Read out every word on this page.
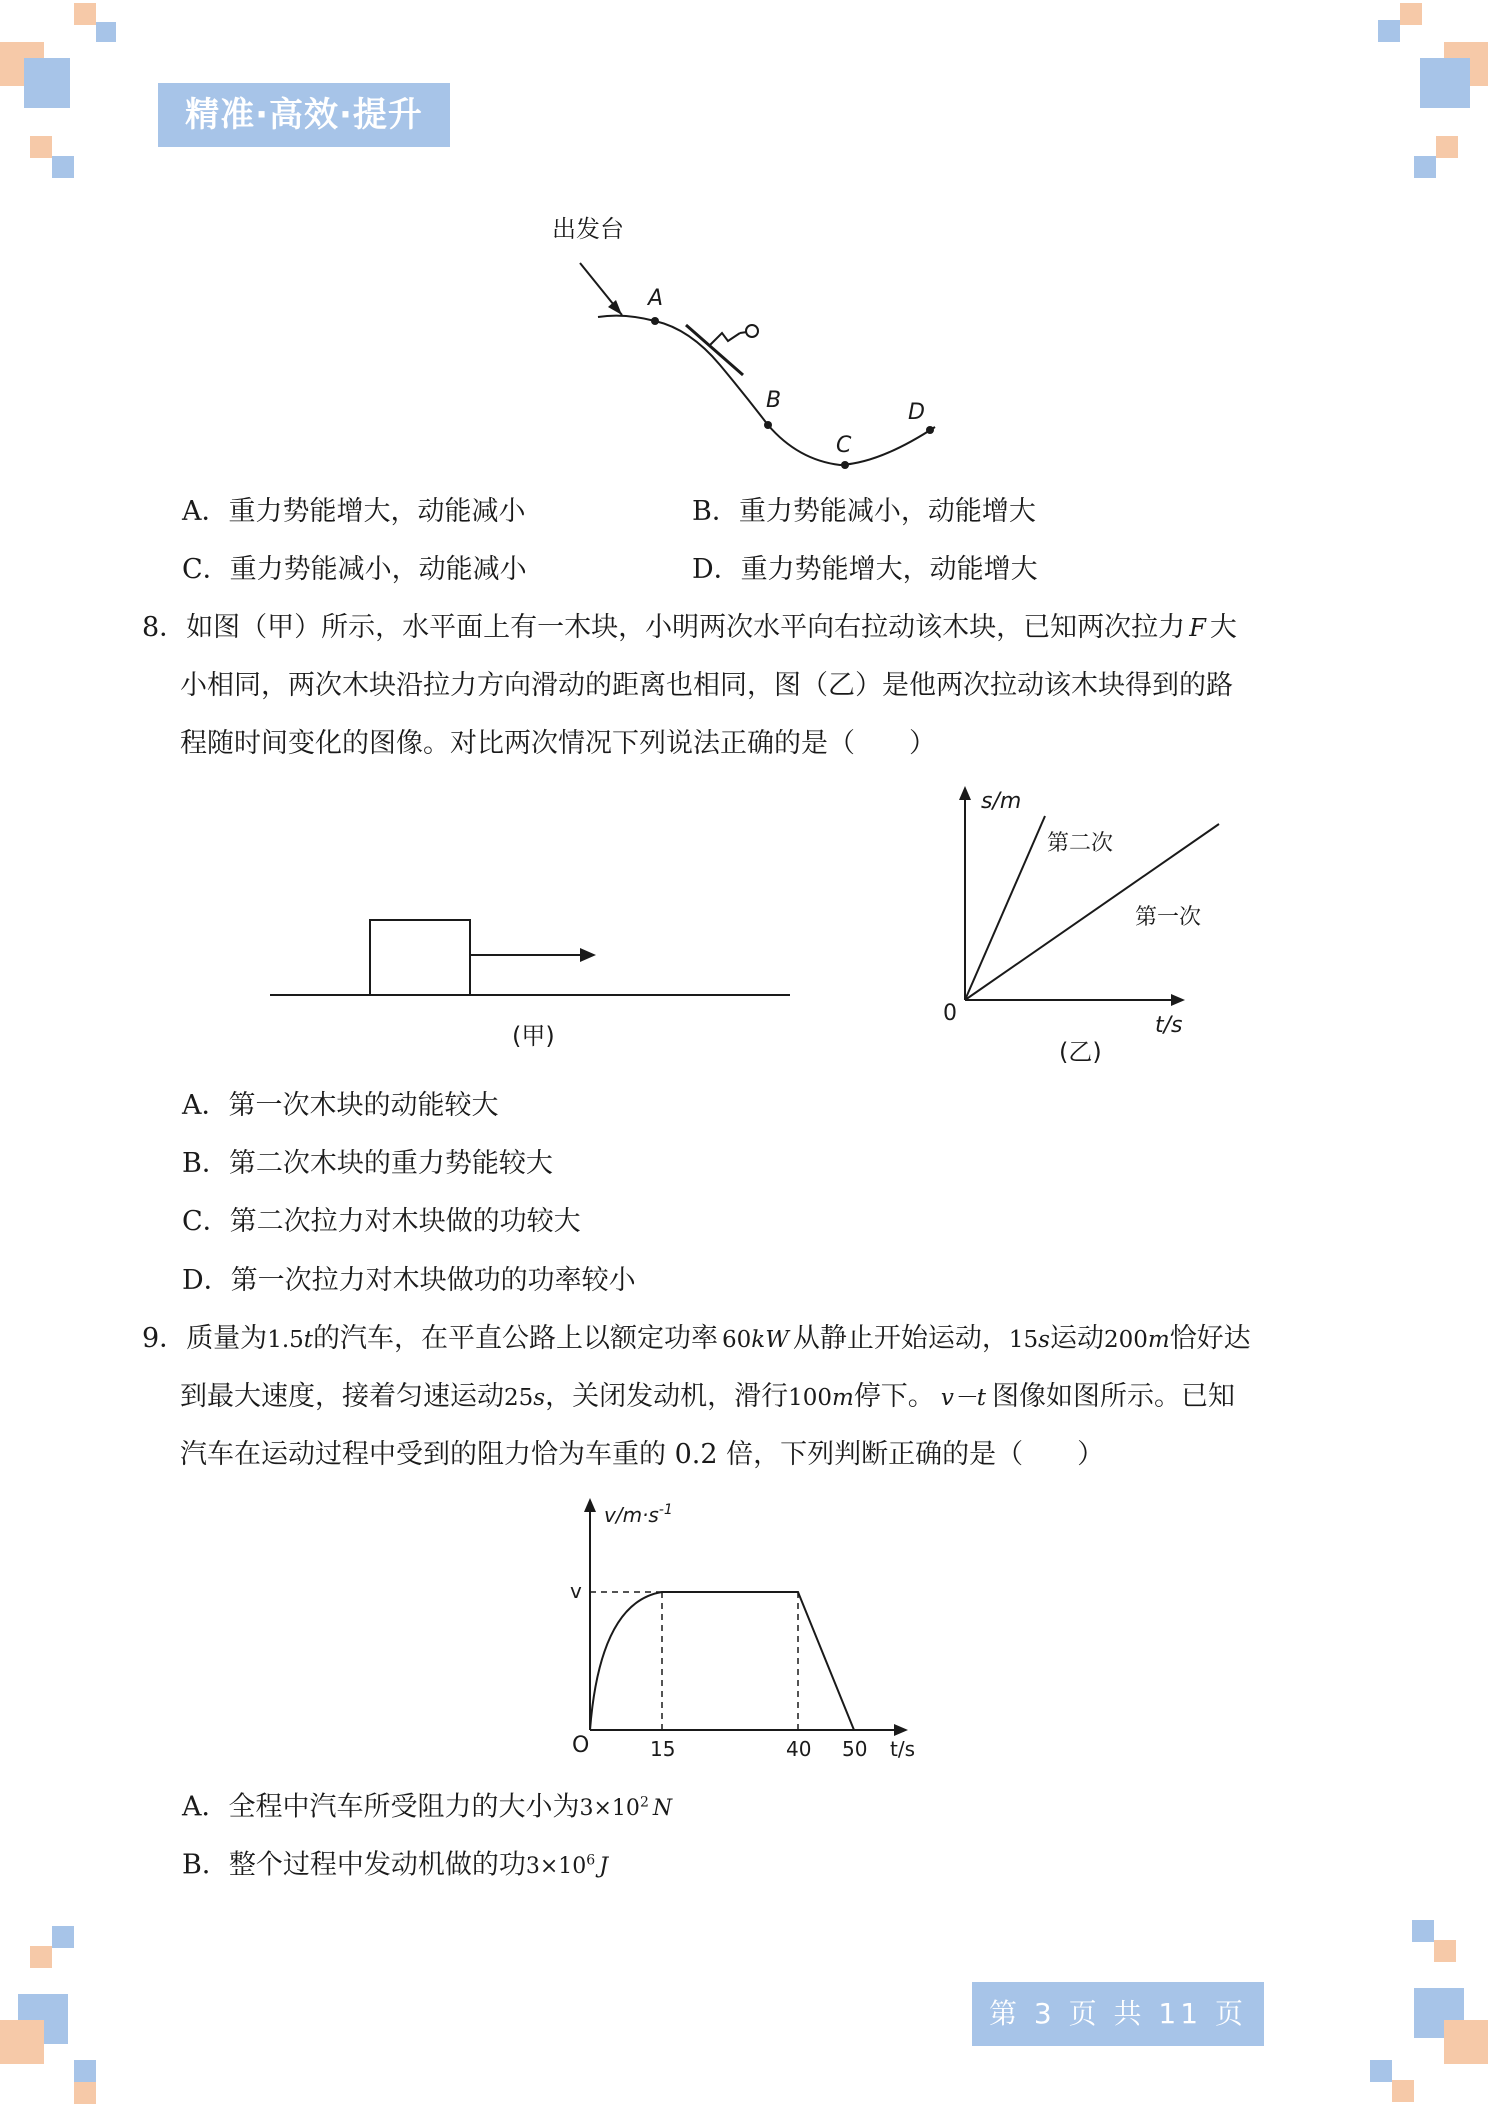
精准·高效·提升
出发台
A
B
C
D
A．重力势能增大，动能减小	B．重力势能减小，动能增大
C．重力势能减小，动能减小	D．重力势能增大，动能增大
8．如图（甲）所示，水平面上有一木块，小明两次水平向右拉动该木块，已知两次拉力 F 大
小相同，两次木块沿拉力方向滑动的距离也相同，图（乙）是他两次拉动该木块得到的路
程随时间变化的图像。对比两次情况下列说法正确的是（　　）
(甲)
s/m
第二次
第一次
0	t/s
(乙)
A．第一次木块的动能较大
B．第二次木块的重力势能较大
C．第二次拉力对木块做的功较大
D．第一次拉力对木块做功的功率较小
9．质量为1.5t的汽车，在平直公路上以额定功率 60kW 从静止开始运动，15s运动200m恰好达
到最大速度，接着匀速运动25s，关闭发动机，滑行100m停下。 v－t 图像如图所示。已知
汽车在运动过程中受到的阻力恰为车重的 0.2 倍，下列判断正确的是（　　）
$v/m\cdot s^{-1}$
v
O	15	40 50 t/s
A．全程中汽车所受阻力的大小为$3\times 10^2$ N
B．整个过程中发动机做的功$3\times 10^6$ J
第 3 页 共 11 页
